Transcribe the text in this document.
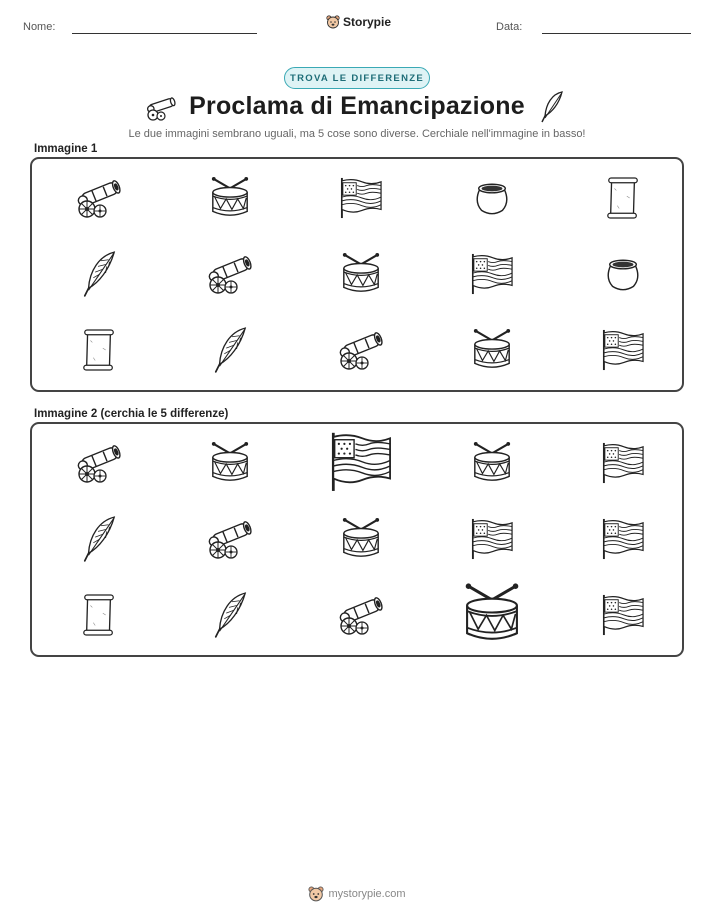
Nome:	Storypie	Data:
TROVA LE DIFFERENZE
Proclama di Emancipazione
Le due immagini sembrano uguali, ma 5 cose sono diverse. Cerchiale nell'immagine in basso!
Immagine 1
Immagine 2 (cerchia le 5 differenze)
mystorypie.com
